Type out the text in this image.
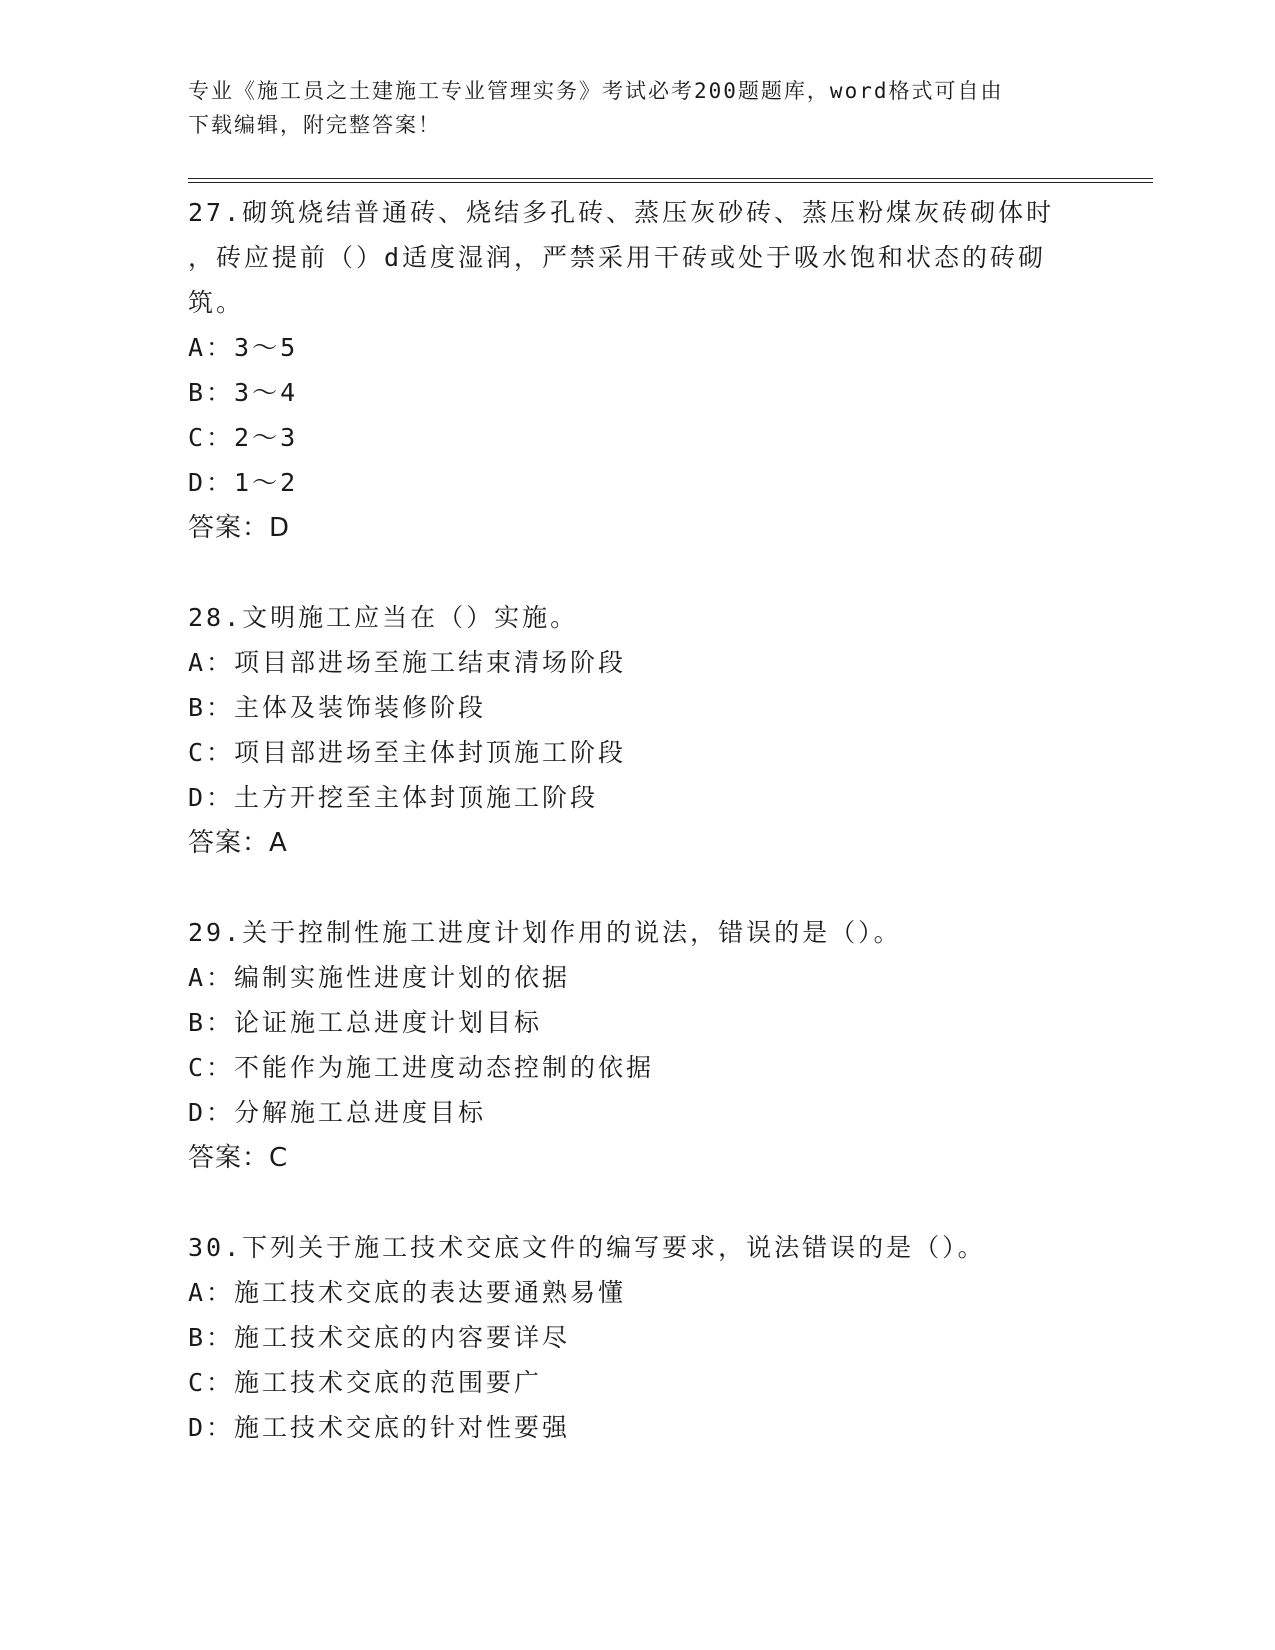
专业《施工员之土建施工专业管理实务》考试必考200题题库，word格式可自由
下载编辑，附完整答案！
27.砌筑烧结普通砖、烧结多孔砖、蒸压灰砂砖、蒸压粉煤灰砖砌体时
，砖应提前（）d适度湿润，严禁采用干砖或处于吸水饱和状态的砖砌
筑。
A：3～5
B：3～4
C：2～3
D：1～2
答案：D
28.文明施工应当在（）实施。
A：项目部进场至施工结束清场阶段
B：主体及装饰装修阶段
C：项目部进场至主体封顶施工阶段
D：土方开挖至主体封顶施工阶段
答案：A
29.关于控制性施工进度计划作用的说法，错误的是（）。
A：编制实施性进度计划的依据
B：论证施工总进度计划目标
C：不能作为施工进度动态控制的依据
D：分解施工总进度目标
答案：C
30.下列关于施工技术交底文件的编写要求，说法错误的是（）。
A：施工技术交底的表达要通熟易懂
B：施工技术交底的内容要详尽
C：施工技术交底的范围要广
D：施工技术交底的针对性要强
